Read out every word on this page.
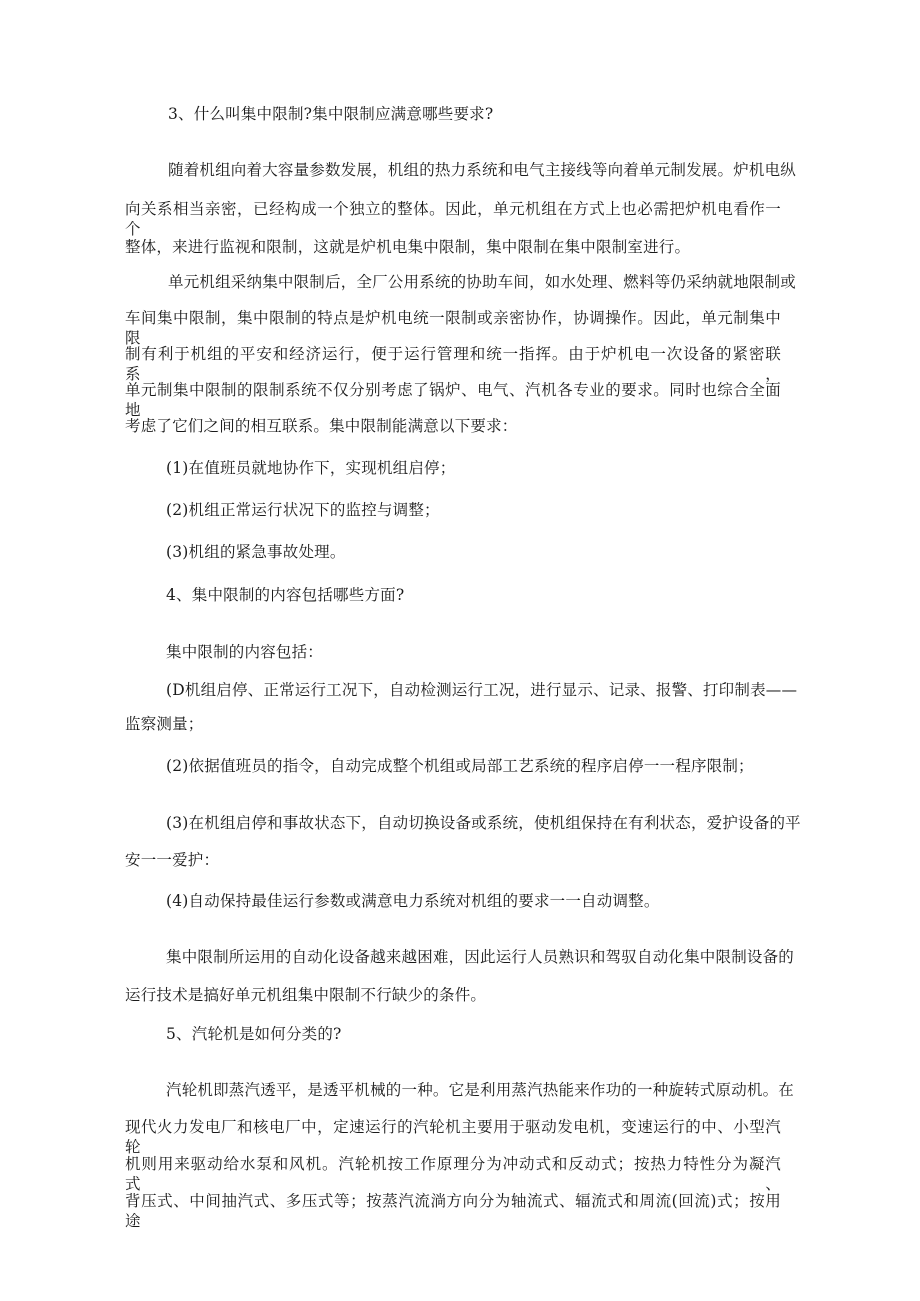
3、什么叫集中限制?集中限制应满意哪些要求?
随着机组向着大容量参数发展，机组的热力系统和电气主接线等向着单元制发展。炉机电纵
向关系相当亲密，已经构成一个独立的整体。因此，单元机组在方式上也必需把炉机电看作一个
整体，来进行监视和限制，这就是炉机电集中限制，集中限制在集中限制室进行。
单元机组采纳集中限制后，全厂公用系统的协助车间，如水处理、燃料等仍采纳就地限制或
车间集中限制，集中限制的特点是炉机电统一限制或亲密协作，协调操作。因此，单元制集中限
制有利于机组的平安和经济运行，便于运行管理和统一指挥。由于炉机电一次设备的紧密联系，
单元制集中限制的限制系统不仅分别考虑了锅炉、电气、汽机各专业的要求。同时也综合全面地
考虑了它们之间的相互联系。集中限制能满意以下要求：
(1)在值班员就地协作下，实现机组启停；
(2)机组正常运行状况下的监控与调整；
(3)机组的紧急事故处理。
4、集中限制的内容包括哪些方面?
集中限制的内容包括：
(D机组启停、正常运行工况下，自动检测运行工况，进行显示、记录、报警、打印制表——
监察测量；
(2)依据值班员的指令，自动完成整个机组或局部工艺系统的程序启停一一程序限制；
(3)在机组启停和事故状态下，自动切换设备或系统，使机组保持在有利状态，爱护设备的平
安一一爱护：
(4)自动保持最佳运行参数或满意电力系统对机组的要求一一自动调整。
集中限制所运用的自动化设备越来越困难，因此运行人员熟识和驾驭自动化集中限制设备的
运行技术是搞好单元机组集中限制不行缺少的条件。
5、汽轮机是如何分类的?
汽轮机即蒸汽透平，是透平机械的一种。它是利用蒸汽热能来作功的一种旋转式原动机。在
现代火力发电厂和核电厂中，定速运行的汽轮机主要用于驱动发电机，变速运行的中、小型汽轮
机则用来驱动给水泵和风机。汽轮机按工作原理分为冲动式和反动式；按热力特性分为凝汽式、
背压式、中间抽汽式、多压式等；按蒸汽流淌方向分为轴流式、辐流式和周流(回流)式；按用途
